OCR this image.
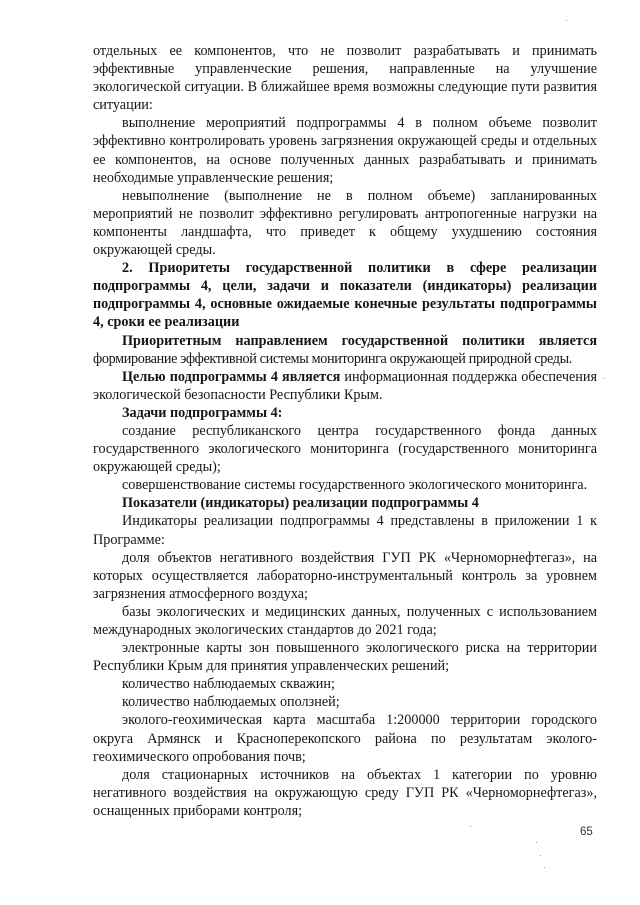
отдельных ее компонентов, что не позволит разрабатывать и принимать эффективные управленческие решения, направленные на улучшение экологической ситуации. В ближайшее время возможны следующие пути развития ситуации:

выполнение мероприятий подпрограммы 4 в полном объеме позволит эффективно контролировать уровень загрязнения окружающей среды и отдельных ее компонентов, на основе полученных данных разрабатывать и принимать необходимые управленческие решения;

невыполнение (выполнение не в полном объеме) запланированных мероприятий не позволит эффективно регулировать антропогенные нагрузки на компоненты ландшафта, что приведет к общему ухудшению состояния окружающей среды.

2. Приоритеты государственной политики в сфере реализации подпрограммы 4, цели, задачи и показатели (индикаторы) реализации подпрограммы 4, основные ожидаемые конечные результаты подпрограммы 4, сроки ее реализации

Приоритетным направлением государственной политики является

формирование эффективной системы мониторинга окружающей природной среды.

Целью подпрограммы 4 является информационная поддержка обеспечения экологической безопасности Республики Крым.

Задачи подпрограммы 4:

создание республиканского центра государственного фонда данных государственного экологического мониторинга (государственного мониторинга окружающей среды);

совершенствование системы государственного экологического мониторинга.

Показатели (индикаторы) реализации подпрограммы 4

Индикаторы реализации подпрограммы 4 представлены в приложении 1 к Программе:

доля объектов негативного воздействия ГУП РК «Черноморнефтегаз», на которых осуществляется лабораторно-инструментальный контроль за уровнем загрязнения атмосферного воздуха;

базы экологических и медицинских данных, полученных с использованием международных экологических стандартов до 2021 года;

электронные карты зон повышенного экологического риска на территории Республики Крым для принятия управленческих решений;

количество наблюдаемых скважин;

количество наблюдаемых оползней;

эколого-геохимическая карта масштаба 1:200000 территории городского округа Армянск и Красноперекопского района по результатам эколого-геохимического опробования почв;

доля стационарных источников на объектах 1 категории по уровню негативного воздействия на окружающую среду ГУП РК «Черноморнефтегаз», оснащенных приборами контроля;

65
